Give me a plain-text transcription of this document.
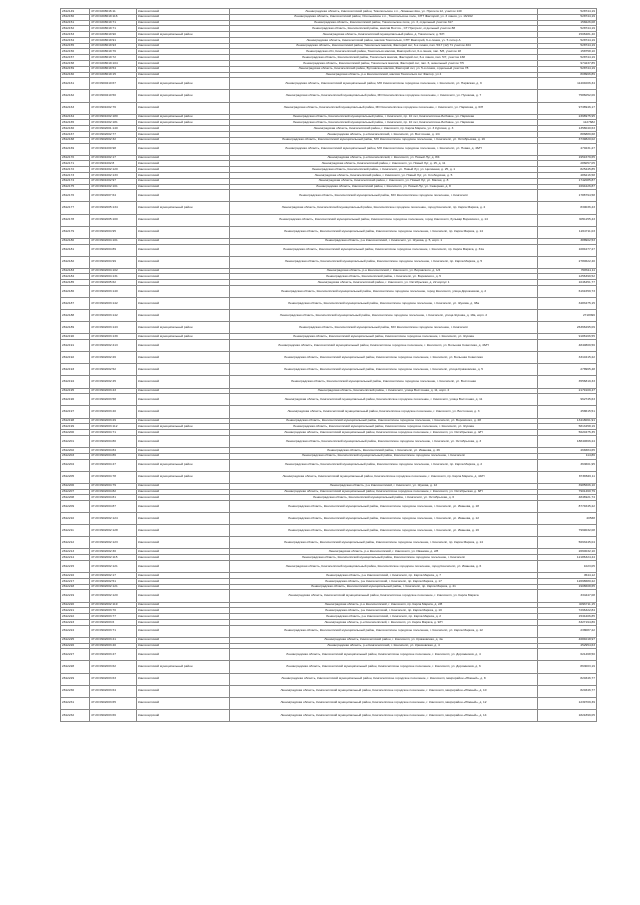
2812149	47:20:0208016:11	Кингисеппский	Ленинградская область, Кингисеппский район, Тикопольское с.п., Ломаных-Кин, ул. Пролета 12, участок 140	528744,19
2812150	47:20:0208019:116	Кингисеппский	Ленинградская область, Кингисеппский район, Опольевское с.п., Тикопольское поле, СНТ Факторий, ул. 3 линия, уч. 16/162	528744,19
2812151	47:20:0208019:71	Кингисеппский	Ленинградская область, Кингисеппский район, Тикопольское поле, ул. 3, отдельный участок 317	158226,08
2812152	47:20:0208019:71	Кингисеппский	Ленинградская область, Кингисеппский район, массив Восточ., СТ Прогресс, отдельный участок 88	528744,19
2812153	47:20:0208019:90	Кингисеппский муниципальный район	Ленинградская область, Кингисеппский муниципальный район, д. Тикопольск, д. 5/Н	1508481,40
2812154	47:20:0208019:91	Кингисеппский	Ленинградская область, Кингисеппский район, массив Тикопольск, СНТ Факторий, 6-я линия, уч. 5 литер А	528744,19
2812155	47:20:0208019:93	Кингисеппский	Ленинградская область, Кингисеппский район, Тикопольск массив, Факторий снт, 6-я линия, пап. 5/17 (12) 71 участок 404	528744,19
2812156	47:20:0208019:76	Кингисеппский	Ленинградская обл, Кингисеппский район, Тикопольск массив, Факторий снт, 6-я линия, пап. 5/8, участок 18	158758,10
2812157	47:20:0208019:72	Кингисеппский	Ленинградская область, Кингисеппский район, Тикопольск массив, Факторий снт, 6-я линия, пап. 5/7, участок 168	528744,19
2812158	47:20:0208019:104	Кингисеппский	Ленинградская область, Кингисеппский район, Тикопольск массив, Факторий снт, пап. 6, земельный участок 7/5	974237,85
2812159	47:20:0208019:54	Кингисеппский	Ленинградская область, Кингисеппский район, Бутковское массив, Факторий снт, ул. 5-я линия, отдельный участок 78	528744,19
2812160	47:20:0208019:15	Кингисеппский	Ленинградская область, р-н Кингисеппский, массив Тикопольск снт Фактор, ул 4	808966,89
2812161	47:20:0900210:67	Кингисеппский муниципальный район	Ленинградская область, Кингисеппский муниципальный район, МО Кингисеппское городское поселение, г. Кингисепп, ул. Нарвская, д. 9	11404006,34
2812162	47:20:0900210:50	Кингисеппский муниципальный район	Ленинградская область, Кингисеппский муниципальный район, МО Кингисеппское городское поселение, г. Кингисепп, ул. Пушкина, д. 7	7586052,06
2812163	47:20:0901002:76	Кингисеппский	Ленинградская область, Кингисеппский муниципальный район, МО Кингисеппское городское поселение, г. Кингисепп, ул. Нарвская, д. 6/Н	9738946,17
2812164	47:20:0901002:180	Кингисеппский муниципальный район	Ленинградская область, Кингисеппский муниципальный район, г. Кингисепп, пр. 10 лет, Кингисеппское-Бобовое, ул. Нарвская	2398975,95
2812165	47:20:0901002:181	Кингисеппский муниципальный район	Ленинградская область, Кингисеппский муниципальный район, г. Кингисепп, пр. 10 лет, Кингисеппское-Бобовое, ул. Нарвская	1127682
2812166	47:20:0902001:140	Кингисеппский	Ленинградская область, Кингисеппский район, г. Кингисепп, пр. Карла Маркса, ул. 3 Курская, д. 3	1358040,63
2812167	47:20:0902002:77	Кингисеппский	Ленинградская область, р-н Кингисеппский, г. Кингисепп, ул. Восточная, д. 1/4	886889,68
2812168	47:20:0902002:32	Кингисеппский	Ленинградская область, Кингисеппский муниципальный район, МО Кингисеппское городское поселение, г. Кингисепп, ул. Октябрьская, д. 19	3739820,02
2812169	47:20:0901000:98	Кингисеппский	Ленинградская область, Кингисеппский муниципальный район, МО Кингисеппское городское поселение, г. Кингисепп, ул. Новая, д. 46/Н	470231,27
2812170	47:20:0901002:17	Кингисеппский	Ленинградская область, р-н Кингисеппский, г. Кингисепп, ул. Новый Луг, д. 8/4	1951679,65
2812171	47:20:0901002:8	Кингисеппский	Ленинградская область, Кингисеппский район, г. Кингисепп, ул. Новый Луг, д. 15, д. 11	286057,05
2812172	47:20:0901002:120	Кингисеппский	Ленинградская область, Кингисеппский район, г. Кингисепп, ул. Новый Луг, ул. Целинная, д. 25, д. 1	825445,85
2812173	47:20:0901002:133	Кингисеппский	Ленинградская область, Кингисеппский район, г. Кингисепп, ул. Новый Луг, ул. Слободская, д. 5	486216,58
2812174	47:20:0901002:97	Кингисеппский	Ленинградская область, Кингисеппский район, г. Кингисепп, ул. Новый Луг, ул. Малая, д. 8	1742085,87
2812175	47:20:0901002:101	Кингисеппский	Ленинградская область, Кингисеппский район, г. Кингисепп, ул. Новый Луг, ул. Северная, д. 8	1694226,87
2812176	47:20:0902007:64	Кингисеппский	Ленинградская область, Кингисеппский муниципальный район, МО Кингисеппское городское поселение, г. Кингисепп	1788794,58
2812177	47:20:0902005:134	Кингисеппский муниципальный район	Ленинградская область, Кингисеппский муниципальный район, Кингисеппское городское поселение, город Кингисепп, пр. Карла Маркса, д. 2	830036,43
2812178	47:20:0902005:100	Кингисеппский	Ленинградская область, Кингисеппский муниципальный район, Кингисеппское городское поселение, город Кингисепп, бульвар Воровского, д. 14	3051155,43
2812179	47:20:0902004:95	Кингисеппский	Ленинградская область, Кингисеппский муниципальный район, Кингисеппское городское поселение, г. Кингисепп, пр. Карла Маркса, д. 14	1264711,03
2812180	47:20:0902004:101	Кингисеппский	Ленинградская область, р-н Кингисеппский, г. Кингисепп, ул. Жукова, д. 5, корп. 1	388902,53
2812181	47:20:0902004:89	Кингисеппский	Ленинградская область, Кингисеппский муниципальный район, Кингисеппское городское поселение, г. Кингисепп, пр. Карла Маркса, д. 31а	1084277,27
2812182	47:20:0902004:99	Кингисеппский	Ленинградская область, Кингисеппский муниципальный район, Кингисеппское городское поселение, г. Кингисепп, пр. Карла Маркса, д. 5	2780622,40
2812183	47:20:0902004:102	Кингисеппский	Ленинградская область, р-н Кингисеппский, г. Кингисепп, ул. Воровского, д. 1/4	708611,11
2812184	47:20:0902004:131	Кингисеппский	Ленинградская область, Кингисеппский район, г. Кингисепп, ул. Воровского, д. 5	1256399,52
2812185	47:20:0902005:62	Кингисеппский	Ленинградская область, Кингисеппский район, г. Кингисепп, ул. Октябрьская, д. 22 корпус 1	1046451,77
2812186	47:20:0902003:140	Кингисеппский	Ленинградская область, Кингисеппский муниципальный район, Кингисеппское городское поселение, город Кингисепп, улица Дорожников, д. 2	6161659,73
2812187	47:20:0902003:142	Кингисеппский	Ленинградская область, Кингисеппский муниципальный район, Кингисеппское городское поселение, г. Кингисепп, ул. Жукова, д. 38а	3483475,15
2812188	47:20:0902003:142	Кингисеппский	Ленинградская область, Кингисеппский муниципальный район, Кингисеппское городское поселение, г. Кингисепп, улица Жукова, д. 18а, корп. 2	2718396
2812189	47:20:0902003:143	Кингисеппский муниципальный район	Ленинградская область, Кингисеппский муниципальный район, МО Кингисеппское городское поселение, г. Кингисепп	26366295,09
2812190	47:20:0902003:139	Кингисеппский муниципальный район	Ленинградская область, Кингисеппский муниципальный район, Кингисеппское городское поселение, г. Кингисепп, ул. Жукова	9188166,55
2812191	47:20:0902002:413	Кингисеппский	Ленинградская область, Кингисеппский муниципальный район, Кингисеппское городское поселение, г. Кингисепп, ул. Большая Советская, д. 46/Н	4840809,56
2812192	47:20:0902002:26	Кингисеппский	Ленинградская область, Кингисеппский муниципальный район, Кингисеппское городское поселение, г. Кингисепп, ул. Большая Советская	3310415,22
2812193	47:20:0902002:52	Кингисеппский	Ленинградская область, Кингисеппский муниципальный район, Кингисеппское городское поселение, г. Кингисепп, улица Крикковская, д. 5	278965,48
2812194	47:20:0902002:45	Кингисеппский	Ленинградская область, Кингисеппский муниципальный район, Кингисеппское городское поселение, г. Кингисепп, ул. Восточная	3556819,33
2812195	47:20:0902003:43	Кингисеппский	Ленинградская область, Кингисеппский район, г. Кингисепп, улица Восточная, д. 11, корп. 2	2179109,47
2812196	47:20:0902003:58	Кингисеппский	Ленинградская область, Кингисеппский муниципальный район, Кингисеппское городское поселение, г. Кингисепп, улица Восточная, д. 11	962745,63
2812197	47:20:0902003:40	Кингисеппский	Ленинградская область, Кингисеппский муниципальный район, Кингисеппское городское поселение, г. Кингисепп, ул. Восточная, д. 3	458615,51
2812198	47:20:0902003:29	Кингисеппский	Ленинградская область, Кингисеппский муниципальный район, Кингисеппское городское поселение, г. Кингисепп, ул. Воровского, д. 28	13418061,91
2812199	47:20:0902003:112	Кингисеппский муниципальный район	Ленинградская область, Кингисеппский муниципальный район, Кингисеппское городское поселение, г. Кингисепп, ул. Жукова	5813458,19
2812200	47:20:0902004:71	Кингисеппский	Ленинградская область, Кингисеппский муниципальный район, Кингисеппское городское поселение, г. Кингисепп, ул. Октябрьская, д. 4/Н	5620475,35
2812201	47:20:0902004:80	Кингисеппский	Ленинградская область, Кингисеппский муниципальный район, Кингисеппское городское поселение, г. Кингисепп, ул. Октябрьская, д. 3	18840666,24
2812202	47:20:0902004:84	Кингисеппский	Ленинградская область, Кингисеппский район, г. Кингисепп, ул. Иванова, д. 26	468384,65
2812203	47:20:0902004:86	Кингисеппский	Ленинградская область, Кингисеппский муниципальный район, Кингисеппское городское поселение, г. Кингисепп	114,86
2812204	47:20:0902004:47	Кингисеппский муниципальный район	Ленинградская область, Кингисеппский муниципальный район, Кингисеппское городское поселение, г. Кингисепп, пр. Карла Маркса, д. 2	363601,95
2812205	47:20:0902004:78	Кингисеппский муниципальный район	Ленинградская область, Кингисеппский муниципальный район, Кингисеппское городское поселение, г. Кингисепп, пр. Карла Маркса, д. 44/Н	8738846,11
2812206	47:20:0902004:79	Кингисеппский	Ленинградская область, р-н Кингисеппский, г. Кингисепп, ул. Жукова, д. 12	3985606,10
2812207	47:20:0902004:82	Кингисеппский	Ленинградская область, Кингисеппский муниципальный район, Кингисеппское городское поселение, г. Кингисепп, ул. Октябрьская, д. 8/Н	7901460,79
2812208	47:20:0902004:81	Кингисеппский	Ленинградская область, Кингисеппский муниципальный район, г. Кингисепп, ул. Октябрьская, д. 6	4846921,74
2812209	47:20:0902004:87	Кингисеппский	Ленинградская область, Кингисеппский муниципальный район, Кингисеппское городское поселение, г. Кингисепп, ул. Иванова, д. 18	8774645,22
2812210	47:20:0902002:124	Кингисеппский	Ленинградская область, Кингисеппский муниципальный район, Кингисеппское городское поселение, г. Кингисепп, ул. Иванова, д. 12	40538
2812211	47:20:0902002:128	Кингисеппский	Ленинградская область, Кингисеппский муниципальный район, Кингисеппское городское поселение, г. Кингисепп, ул. Иванова, д. 16	7999032,08
2812212	47:20:0902002:123	Кингисеппский	Ленинградская область, Кингисеппский муниципальный район, Кингисеппское городское поселение, г. Кингисепп, пр. Карла Маркса, д. 14	5693245,04
2812213	47:20:0902002:30	Кингисеппский	Ленинградская область, р-н Кингисеппский, г. Кингисепп, ул. Иванова, д. 2/8	2660032,10
2812214	47:20:0902002:115	Кингисеппский	Ленинградская область, Кингисеппский муниципальный район, Кингисеппское городское поселение, г. Кингисепп	12186324,44
2812215	47:20:0902002:121	Кингисеппский	Ленинградская область, Кингисеппский муниципальный район, Кингисеппское городское поселение, город Кингисепп, ул. Иванова, д. 6	1023,05
2812216	47:20:0902002:17	Кингисеппский	Ленинградская область, р-н Кингисеппский, г. Кингисепп, пр. Карла Маркса, д. 7	4544,12
2812217	47:20:0902002:51	Кингисеппский	Ленинградская область, р-н Кингисеппский, г. Кингисепп, пр. Карла Маркса, д. 17	12698680,22
2812218	47:20:0902002:121	Кингисеппский	Ленинградская область, Кингисеппский муниципальный район, г. Кингисепп, пр. Карла Маркса, д. 21	1908608,65
2812219	47:20:0902002:120	Кингисеппский	Ленинградская область, Кингисеппский муниципальный район, Кингисеппское городское поселение, г. Кингисепп, ул. Карла Маркса	334447,08
2812220	47:20:0902002:119	Кингисеппский	Ленинградская область, р-н Кингисеппский, г. Кингисепп, пр. Карла Маркса, д. 2/8	4096711,15
2812221	47:20:0902003:70	Кингисеппский	Ленинградская область, р-н Кингисеппский, г. Кингисепп, пр. Карла Маркса, д. 10	7296322,84
2812222	47:20:0902003:77	Кингисеппский	Ленинградская область, р-н Кингисеппский, г. Кингисепп, пр. Карла Маркса, д. 2	1534406,85
2812223	47:20:0902003:6	Кингисеппский	Ленинградская область, р-н Кингисеппский, г. Кингисепп, ул. Карла Маркса, д. 9/Н	3327194,86
2812224	47:20:0902003:71	Кингисеппский	Ленинградская область, Кингисеппский муниципальный район, Кингисеппское городское поселение, г. Кингисепп, ул. Карла Маркса, д. 12	238087,22
2812225	47:20:0902003:41	Кингисеппский	Ленинградская область, Кингисеппский район, г. Кингисепп, ул. Крикковская, д. 4а	4684018,97
2812226	47:20:0902003:40	Кингисеппский	Ленинградская область, р-н Кингисеппский, г. Кингисепп, ул. Крикковская, д. 4	452954,63
2812227	47:20:0902003:47	Кингисеппский	Ленинградская область, Кингисеппский муниципальный район, Кингисеппское городское поселение, г. Кингисепп, ул. Дорожников, д. 4	621468,50
2812228	47:20:0902003:62	Кингисеппский муниципальный район	Ленинградская область, Кингисеппский муниципальный район, Кингисеппское городское поселение, г. Кингисепп, ул. Дорожников, д. 6	863003,19
2812229	47:20:0902003:63	Кингисеппский	Ленинградская область, Кингисеппский муниципальный район, Кингисеппское городское поселение, г. Кингисепп, микрорайон «Южный», д. 8	820346,77
2812230	47:20:0902003:64	Кингисеппский	Ленинградская область, Кингисеппский муниципальный район, Кингисеппское городское поселение, г. Кингисепп, микрорайон «Южный», д. 10	820346,77
2812231	47:20:0902003:65	Кингисеппский	Ленинградская область, Кингисеппский муниципальный район, Кингисеппское городское поселение, г. Кингисепп, микрорайон «Южный», д. 12	1239709,39
2812232	47:20:0902003:66	Кингисеppский	Ленинградская область, Кингисеппский муниципальный район, Кингисеппское городское поселение, г. Кингисепп, микрорайон «Южный», д. 14	1821899,05
